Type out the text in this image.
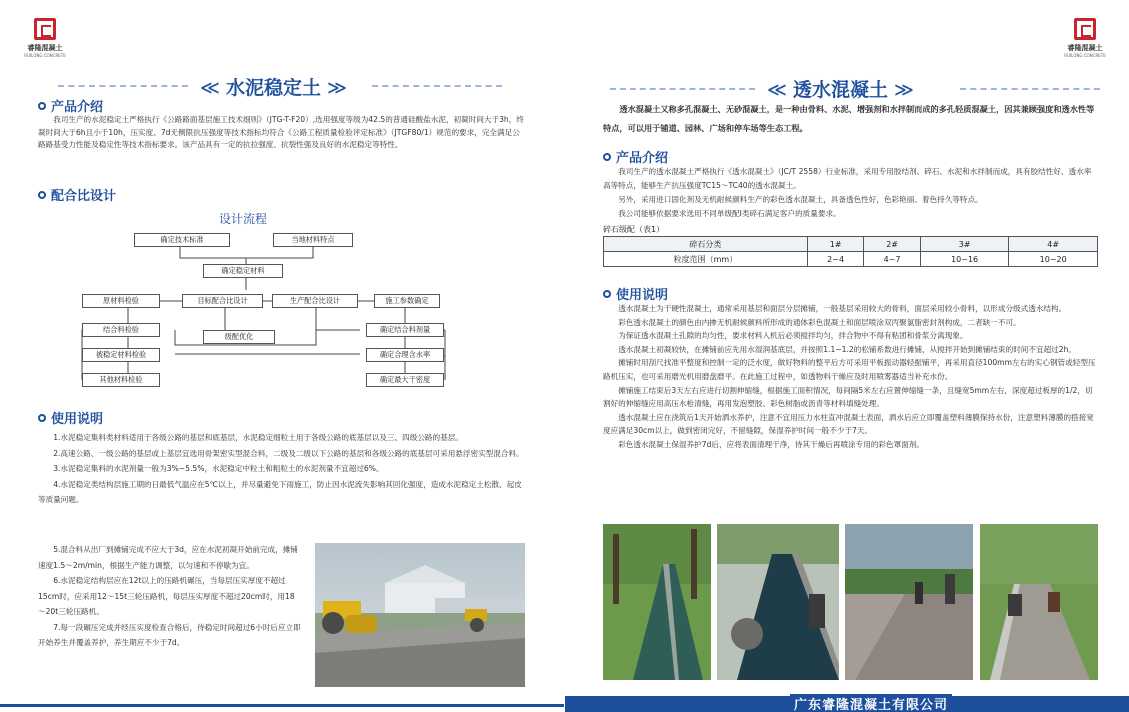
睿隆混凝土
RUILONG CONCRETE
≪ 水泥稳定土 ≫
产品介绍
我司生产的水泥稳定土严格执行《公路路面基层施工技术细则》（JTG-T-F20）,选用强度等级为42.5的普通硅酸盐水泥，初凝时间大于3h，终凝时间大于6h且小于10h，压实度、7d无侧限抗压强度等技术指标均符合《公路工程质量检验评定标准》（JTGF80/1）规范的要求，完全满足公路路基受力性能及稳定性等技术指标要求。该产品具有一定的抗拉强度、抗裂性强及良好的水泥稳定等特性。
配合比设计
设计流程
确定技术标准	当地材料特点
确定稳定材料
原材料检验	目标配合比设计	生产配合比设计	施工参数确定
结合料检验
级配优化
确定结合料剂量
被稳定材料检验	确定合理含水率
其他材料检验	确定最大干密度
使用说明

1.水泥稳定集料类材料适用于各级公路的基层和底基层，水泥稳定细粒土用于各级公路的底基层以及三、四级公路的基层。

2.高速公路、一级公路的基层或上基层宜选用骨架密实型混合料，二级及二级以下公路的基层和各级公路的底基层可采用悬浮密实型混合料。

3.水泥稳定集料的水泥剂量一般为3%~5.5%，水泥稳定中粒土和粗粒土的水泥剂量不宜超过6%。

4.水泥稳定类结构层施工期的日最低气温应在5℃以上，并尽量避免下雨施工，防止因水泥流失影响其回化强度，造成水泥稳定土松散、起皮等质量问题。

5.混合料从出厂到摊铺完成不应大于3d，应在水泥初凝开始前完成，摊铺速度1.5～2m/min，根据生产能力调整，以匀速和不停歇为宜。

6.水泥稳定结构层应在12t以上的压路机碾压，当每层压实厚度不超过15cm时，应采用12～15t三轮压路机，每层压实厚度不超过20cm时，用18～20t三轮压路机。

7.每一段碾压完成并经压实度检查合格后，待稳定时间超过6小时后应立即开始养生并覆盖养护，养生期应不少于7d。

睿隆混凝土
RUILONG CONCRETE
≪ 透水混凝土 ≫
透水混凝土又称多孔混凝土、无砂混凝土，是一种由骨料、水泥、增强剂和水拌制而成的多孔轻质混凝土，因其兼顾强度和透水性等特点，可以用于铺道、园林、广场和停车场等生态工程。
产品介绍

我司生产的透水混凝土严格执行《透水混凝土》（JC/T 2558）行业标准，采用专用胶结剂、碎石、水泥和水拌制而成，具有胶结性好、透水率高等特点，能够生产抗压强度TC15～TC40的透水混凝土。

另外，采用进口固化剂及无机耐候颜料生产的彩色透水混凝土，具备透色性好，色彩艳丽、着色持久等特点。

我公司能够依据要求选用不同单级配Ⅰ类碎石满足客户的质量要求。

碎石级配（表1）
碎石分类	1#	2#	3#	4#
粒度范围（mm）	2~4	4~7	10~16	10~20
使用说明

透水混凝土为干硬性混凝土，通常采用基层和面层分层摊铺，一般基层采用较大的骨料，面层采用较小骨料，以形成分级式透水结构。

彩色透水混凝土的颜色由内掺无机耐候颜料所形成的通体彩色混凝土和面层喷涂双丙聚氯脂密封剂构成，二者缺一不可。

为保证透水混凝土孔隙的均匀性，要求材料入机后必须搅拌均匀，拌合物中不得有粘团和骨浆分离现象。

透水混凝土初凝较快，在摊铺前应先用水湿润基底层，并按照1.1~1.2的松铺系数进行摊铺，从搅拌开始到摊铺结束的时间不宜超过2h。

摊铺时用刮尺找准平整度和控制一定的泛水度，做好物料的整平后方可采用平板振动器轻振铺平，再采用直径100mm左右的实心钢管或轻型压路机压实，也可采用磨光机用磨盘磨平。在此施工过程中，如透物料干燥应及时用喷雾器适当补充水份。

摊铺施工结束后3天左右应进行切割伸缩缝，根据施工面积情况，每间隔5米左右应置伸缩缝一条，且缝宽5mm左右，深度超过板厚的1/2，切割好的伸缩缝应用高压水枪清缝，再用发泡塑胶、彩色树脂或沥青等材料填缝处理。

透水混凝土应在浇筑后1天开始洒水养护，注意不宜用压力水柱直冲混凝土表面，洒水后应立即覆盖塑料薄膜保持水份，注意塑料薄膜的搭接宽度应满足30cm以上，做到密闭完好，不留缝隙，保湿养护时间一般不少于7天。

彩色透水混凝土保湿养护7d后，应将表面清理干净，待其干燥后再喷涂专用的彩色罩面剂。

广东睿隆混凝土有限公司
